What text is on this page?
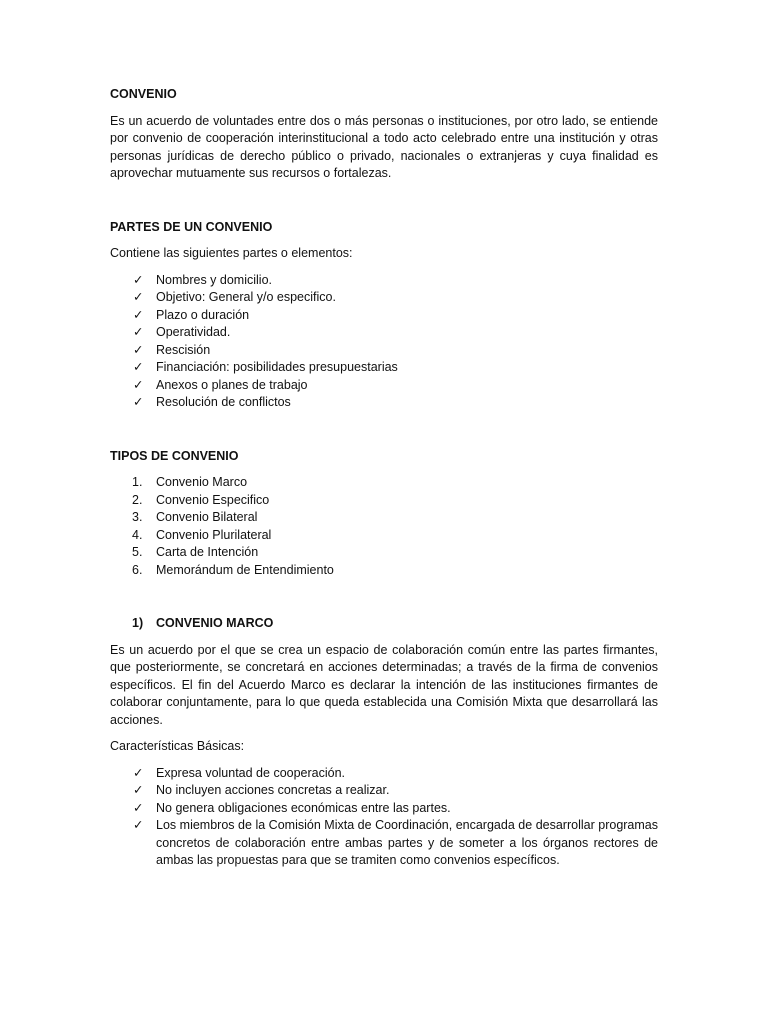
CONVENIO

Es un acuerdo de voluntades entre dos o más personas o instituciones, por otro lado, se entiende por convenio de cooperación interinstitucional a todo acto celebrado entre una institución y otras personas jurídicas de derecho público o privado, nacionales o extranjeras y cuya finalidad es aprovechar mutuamente sus recursos o fortalezas.

PARTES DE UN CONVENIO

Contiene las siguientes partes o elementos:

✓ Nombres y domicilio.
✓ Objetivo: General y/o especifico.
✓ Plazo o duración
✓ Operatividad.
✓ Rescisión
✓ Financiación: posibilidades presupuestarias
✓ Anexos o planes de trabajo
✓ Resolución de conflictos

TIPOS DE CONVENIO

1.	Convenio Marco
2.	Convenio Especifico
3.	Convenio Bilateral
4.	Convenio Plurilateral
5.	Carta de Intención
6.	Memorándum de Entendimiento

1) CONVENIO MARCO

Es un acuerdo por el que se crea un espacio de colaboración común entre las partes firmantes, que posteriormente, se concretará en acciones determinadas; a través de la firma de convenios específicos. El fin del Acuerdo Marco es declarar la intención de las instituciones firmantes de colaborar conjuntamente, para lo que queda establecida una Comisión Mixta que desarrollará las acciones.

Características Básicas:

✓ Expresa voluntad de cooperación.
✓ No incluyen acciones concretas a realizar.
✓ No genera obligaciones económicas entre las partes.
✓ Los miembros de la Comisión Mixta de Coordinación, encargada de desarrollar programas concretos de colaboración entre ambas partes y de someter a los órganos rectores de ambas las propuestas para que se tramiten como convenios específicos.
